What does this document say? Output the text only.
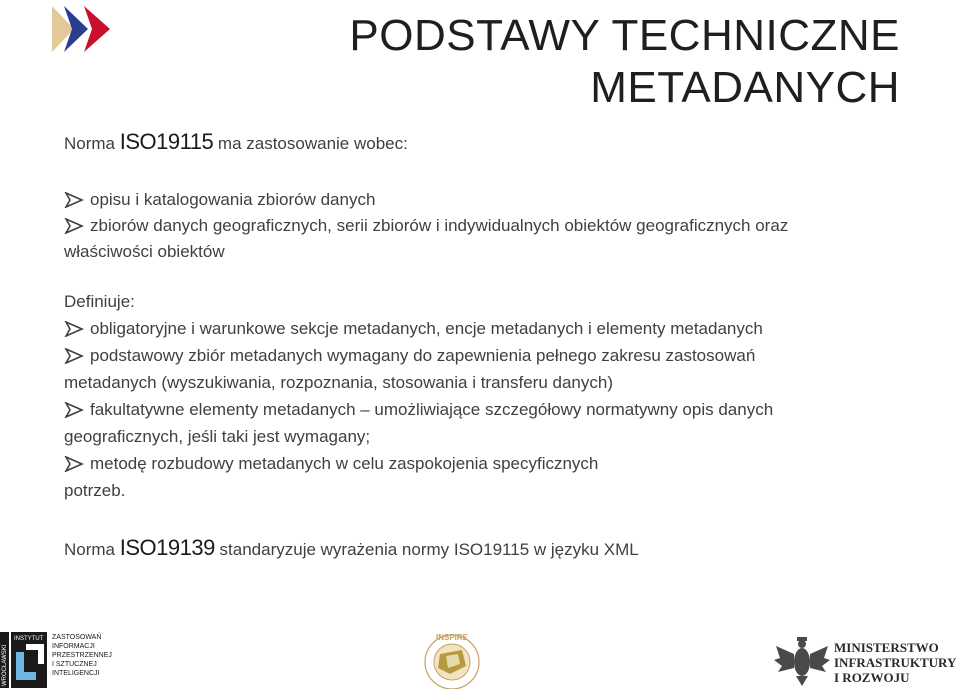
PODSTAWY TECHNICZNE
METADANYCH
Norma ISO19115 ma zastosowanie wobec:
opisu i katalogowania zbiorów danych
zbiorów danych geograficznych, serii zbiorów i indywidualnych obiektów geograficznych oraz
właściwości obiektów
Definiuje:
obligatoryjne i warunkowe sekcje metadanych, encje metadanych i elementy metadanych
podstawowy zbiór metadanych wymagany do zapewnienia pełnego zakresu zastosowań
metadanych (wyszukiwania, rozpoznania, stosowania i transferu danych)
fakultatywne elementy metadanych – umożliwiające szczegółowy normatywny opis danych
geograficznych, jeśli taki jest wymagany;
metodę rozbudowy metadanych w celu zaspokojenia specyficznych
potrzeb.
Norma ISO19139 standaryzuje wyrażenia normy ISO19115 w języku XML
WROCŁAWSKI
INSTYTUT ZASTOSOWAŃ
INFORMACJI
PRZESTRZENNEJ
I SZTUCZNEJ
INTELIGENCJI
INSPIRE
MINISTERSTWO
INFRASTRUKTURY
I ROZWOJU
